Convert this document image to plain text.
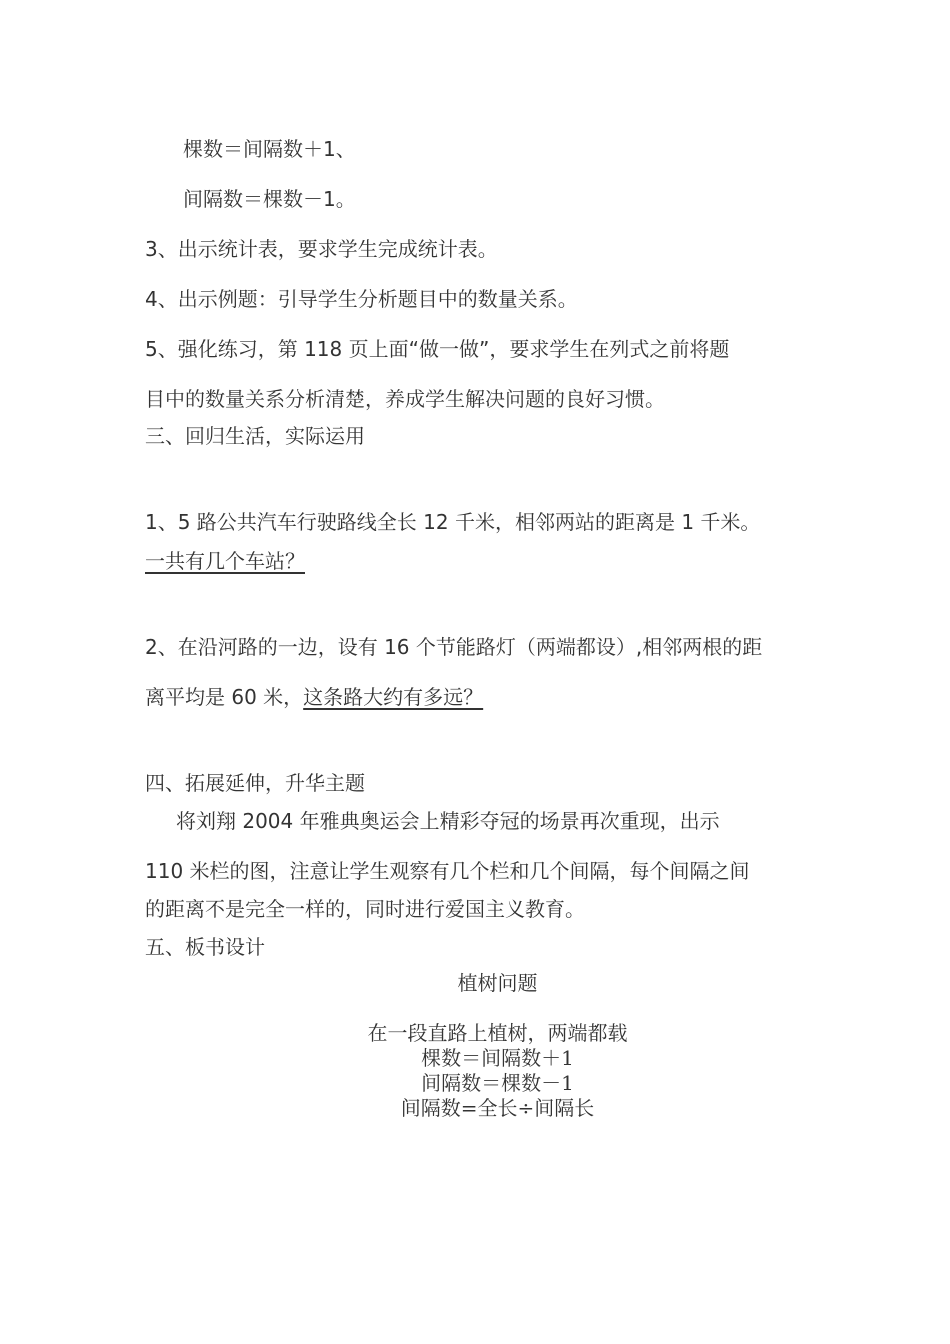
棵数＝间隔数＋1、
间隔数＝棵数－1。
3、出示统计表，要求学生完成统计表。
4、出示例题：引导学生分析题目中的数量关系。
5、强化练习，第 118 页上面“做一做”，要求学生在列式之前将题
目中的数量关系分析清楚，养成学生解决问题的良好习惯。
三、回归生活，实际运用
1、5 路公共汽车行驶路线全长 12 千米，相邻两站的距离是 1 千米。
一共有几个车站？
2、在沿河路的一边，设有 16 个节能路灯（两端都设）,相邻两根的距
离平均是 60 米，这条路大约有多远？
四、拓展延伸，升华主题
将刘翔 2004 年雅典奥运会上精彩夺冠的场景再次重现，出示
110 米栏的图，注意让学生观察有几个栏和几个间隔，每个间隔之间
的距离不是完全一样的，同时进行爱国主义教育。
五、板书设计
植树问题
在一段直路上植树，两端都载
棵数＝间隔数＋1
间隔数＝棵数－1
间隔数=全长÷间隔长
